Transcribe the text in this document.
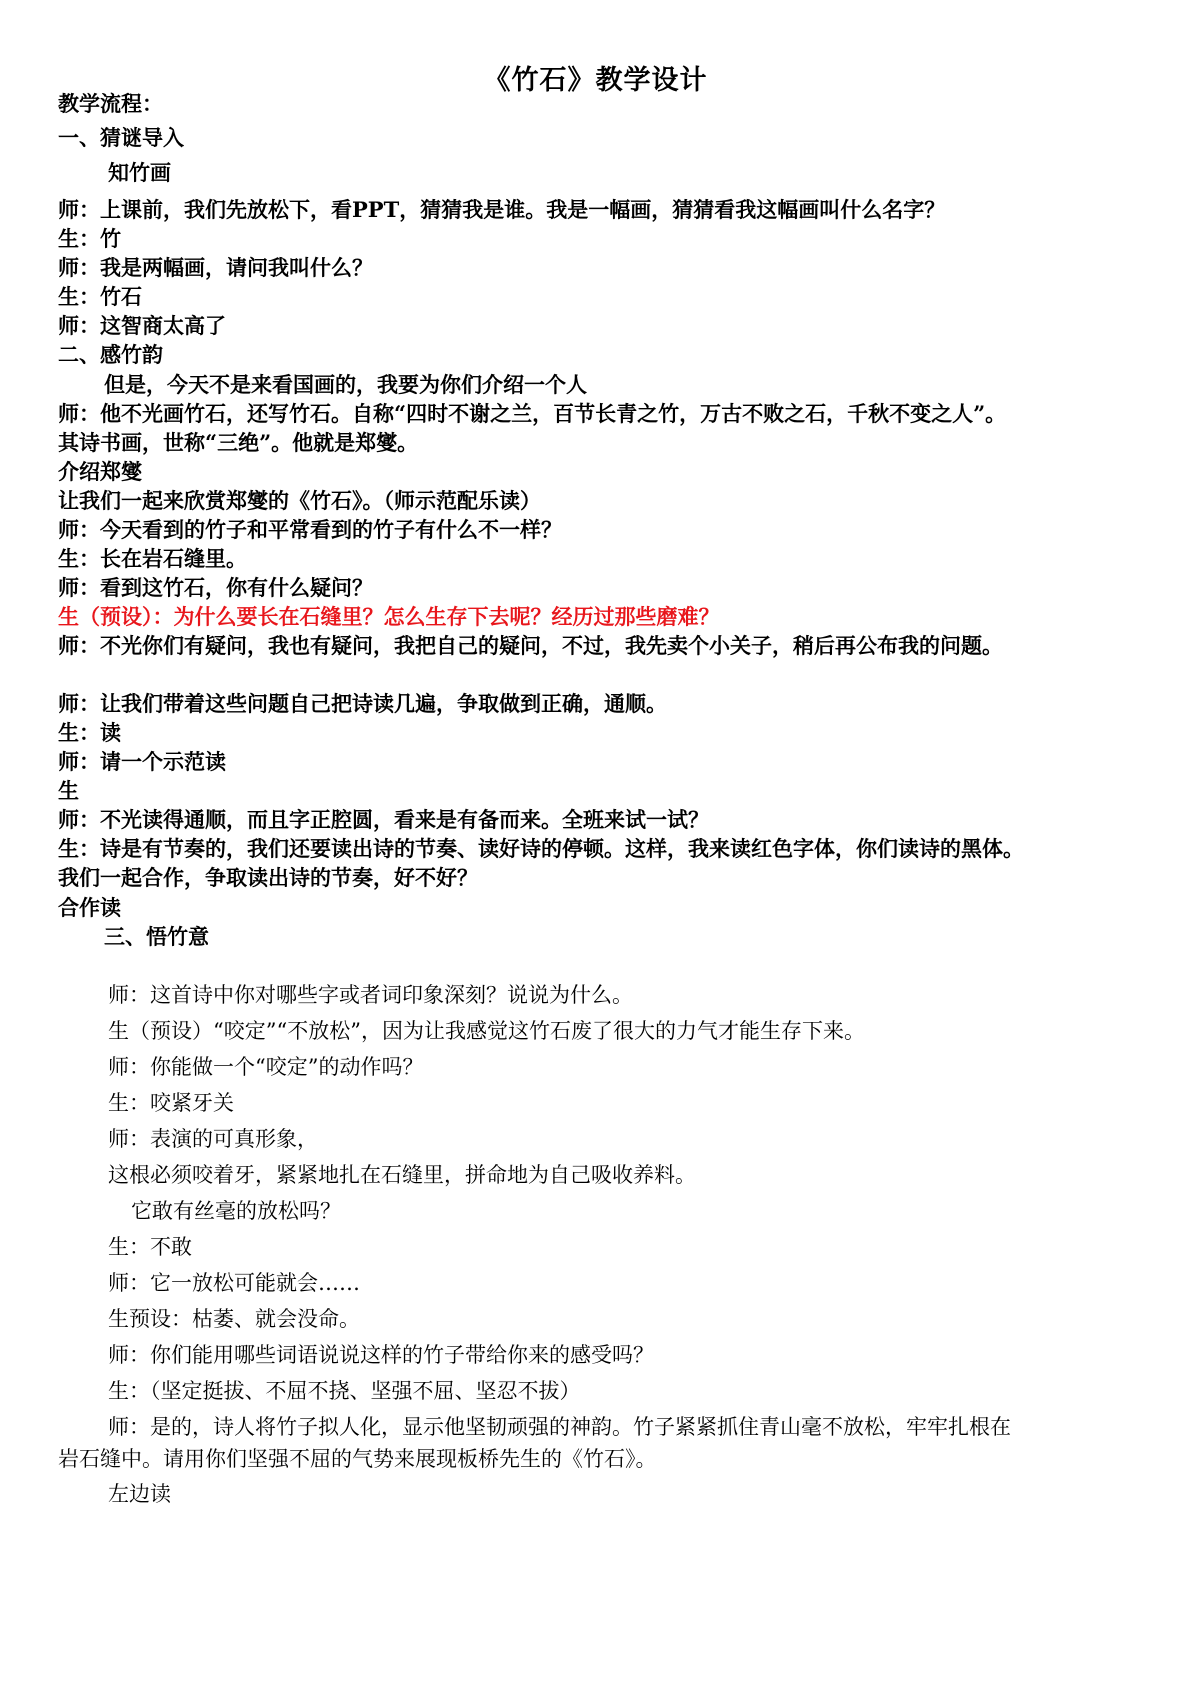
《竹石》教学设计
教学流程：
一、猜谜导入
知竹画
师：上课前，我们先放松下，看PPT，猜猜我是谁。我是一幅画，猜猜看我这幅画叫什么名字？
生：竹
师：我是两幅画，请问我叫什么？
生：竹石
师：这智商太高了
二、感竹韵
但是，今天不是来看国画的，我要为你们介绍一个人
师：他不光画竹石，还写竹石。自称“四时不谢之兰，百节长青之竹，万古不败之石，千秋不变之人”。
其诗书画，世称“三绝”。他就是郑燮。
介绍郑燮
让我们一起来欣赏郑燮的《竹石》。（师示范配乐读）
师：今天看到的竹子和平常看到的竹子有什么不一样？
生：长在岩石缝里。
师：看到这竹石，你有什么疑问？
生（预设）：为什么要长在石缝里？怎么生存下去呢？经历过那些磨难？
师：不光你们有疑问，我也有疑问，我把自己的疑问，不过，我先卖个小关子，稍后再公布我的问题。
师：让我们带着这些问题自己把诗读几遍，争取做到正确，通顺。
生：读
师：请一个示范读
生
师：不光读得通顺，而且字正腔圆，看来是有备而来。全班来试一试？
生：诗是有节奏的，我们还要读出诗的节奏、读好诗的停顿。这样，我来读红色字体，你们读诗的黑体。
我们一起合作，争取读出诗的节奏，好不好？
合作读
三、悟竹意
师：这首诗中你对哪些字或者词印象深刻？说说为什么。
生（预设）“咬定”“不放松”，因为让我感觉这竹石废了很大的力气才能生存下来。
师：你能做一个“咬定”的动作吗？
生：咬紧牙关
师：表演的可真形象，
这根必须咬着牙，紧紧地扎在石缝里，拼命地为自己吸收养料。
它敢有丝毫的放松吗？
生：不敢
师：它一放松可能就会……
生预设：枯萎、就会没命。
师：你们能用哪些词语说说这样的竹子带给你来的感受吗？
生：（坚定挺拔、不屈不挠、坚强不屈、坚忍不拔）
师：是的，诗人将竹子拟人化，显示他坚韧顽强的神韵。竹子紧紧抓住青山毫不放松，牢牢扎根在
岩石缝中。请用你们坚强不屈的气势来展现板桥先生的《竹石》。
左边读
